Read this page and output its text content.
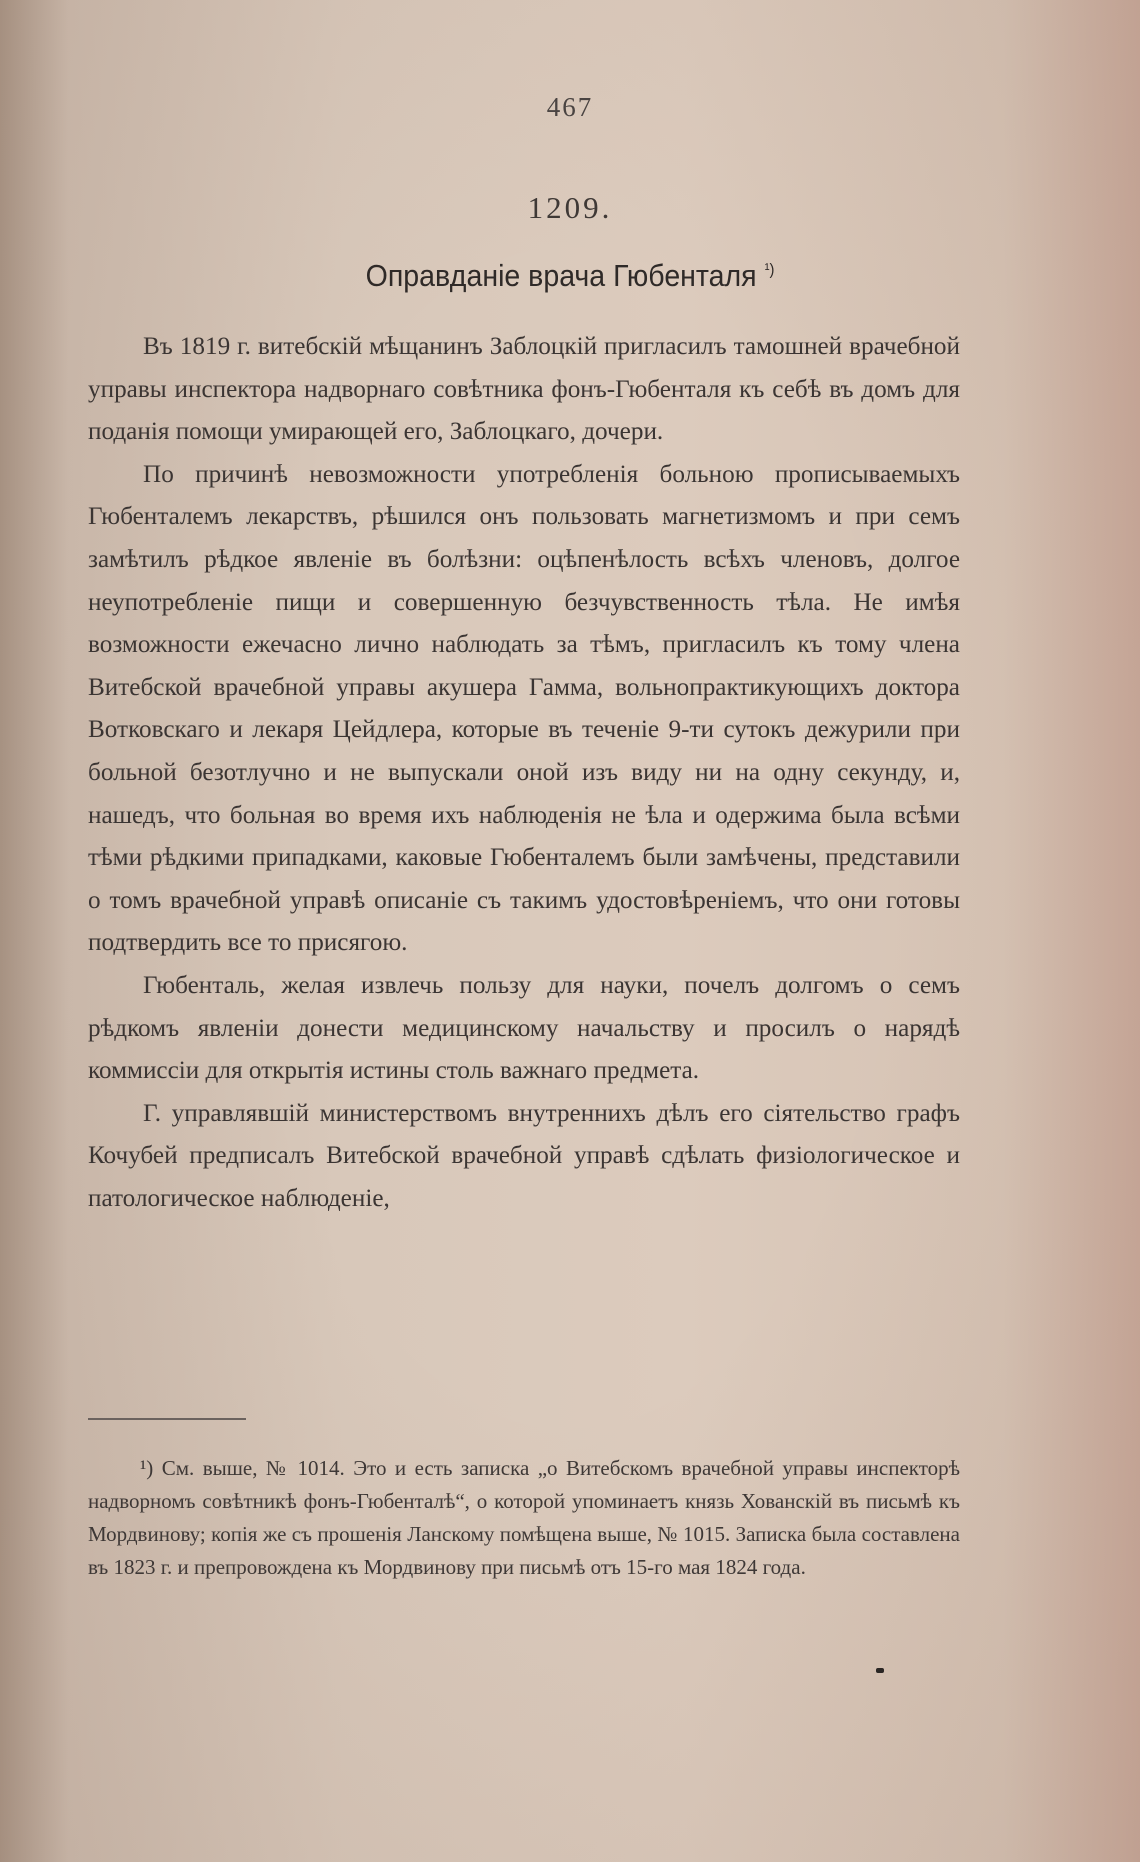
467
1209.
Оправданіе врача Гюбенталя $^{^1)}$

Въ 1819 г. витебскій мѣщанинъ Заблоцкій пригласилъ тамошней врачебной управы инспектора надворнаго совѣтника фонъ-Гюбенталя къ себѣ въ домъ для поданія помощи умирающей его, Заблоцкаго, дочери.

По причинѣ невозможности употребленія больною прописываемыхъ Гюбенталемъ лекарствъ, рѣшился онъ пользовать магнетизмомъ и при семъ замѣтилъ рѣдкое явленіе въ болѣзни: оцѣпенѣлость всѣхъ членовъ, долгое неупотребленіе пищи и совершенную безчувственность тѣла. Не имѣя возможности ежечасно лично наблюдать за тѣмъ, пригласилъ къ тому члена Витебской врачебной управы акушера Гамма, вольнопрактикующихъ доктора Вотковскаго и лекаря Цейдлера, которые въ теченіе 9-ти сутокъ дежурили при больной безотлучно и не выпускали оной изъ виду ни на одну секунду, и, нашедъ, что больная во время ихъ наблюденія не ѣла и одержима была всѣми тѣми рѣдкими припадками, каковые Гюбенталемъ были замѣчены, представили о томъ врачебной управѣ описаніе съ такимъ удостовѣреніемъ, что они готовы подтвердить все то присягою.

Гюбенталь, желая извлечь пользу для науки, почелъ долгомъ о семъ рѣдкомъ явленіи донести медицинскому начальству и просилъ о нарядѣ коммиссіи для открытія истины столь важнаго предмета.

Г. управлявшій министерствомъ внутреннихъ дѣлъ его сіятельство графъ Кочубей предписалъ Витебской врачебной управѣ сдѣлать физіологическое и патологическое наблюденіе,

¹) См. выше, № 1014. Это и есть записка „о Витебскомъ врачебной управы инспекторѣ надворномъ совѣтникѣ фонъ-Гюбенталѣ“, о которой упоминаетъ князь Хованскій въ письмѣ къ Мордвинову; копія же съ прошенія Ланскому помѣщена выше, № 1015. Записка была составлена въ 1823 г. и препровождена къ Мордвинову при письмѣ отъ 15-го мая 1824 года.
